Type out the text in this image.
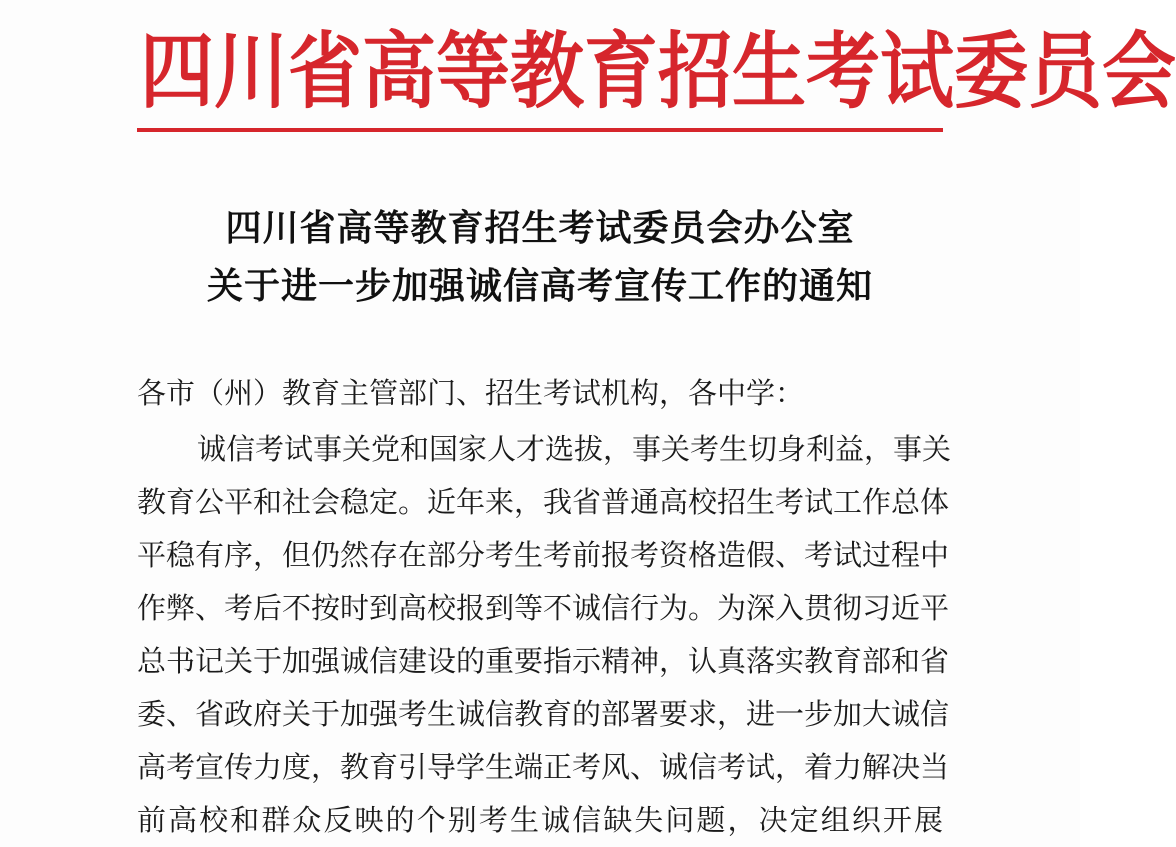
四 川 省 高 等 教 育 招 生 考 试 委 员 会
四川省高等教育招生考试委员会办公室
关于进一步加强诚信高考宣传工作的通知

各市（州）教育主管部门、招生考试机构，各中学：

诚信考试事关党和国家人才选拔，事关考生切身利益，事关

教育公平和社会稳定。近年来，我省普通高校招生考试工作总体

平稳有序，但仍然存在部分考生考前报考资格造假、考试过程中

作弊、考后不按时到高校报到等不诚信行为。为深入贯彻习近平

总书记关于加强诚信建设的重要指示精神，认真落实教育部和省

委、省政府关于加强考生诚信教育的部署要求，进一步加大诚信

高考宣传力度，教育引导学生端正考风、诚信考试，着力解决当

前高校和群众反映的个别考生诚信缺失问题，决定组织开展
